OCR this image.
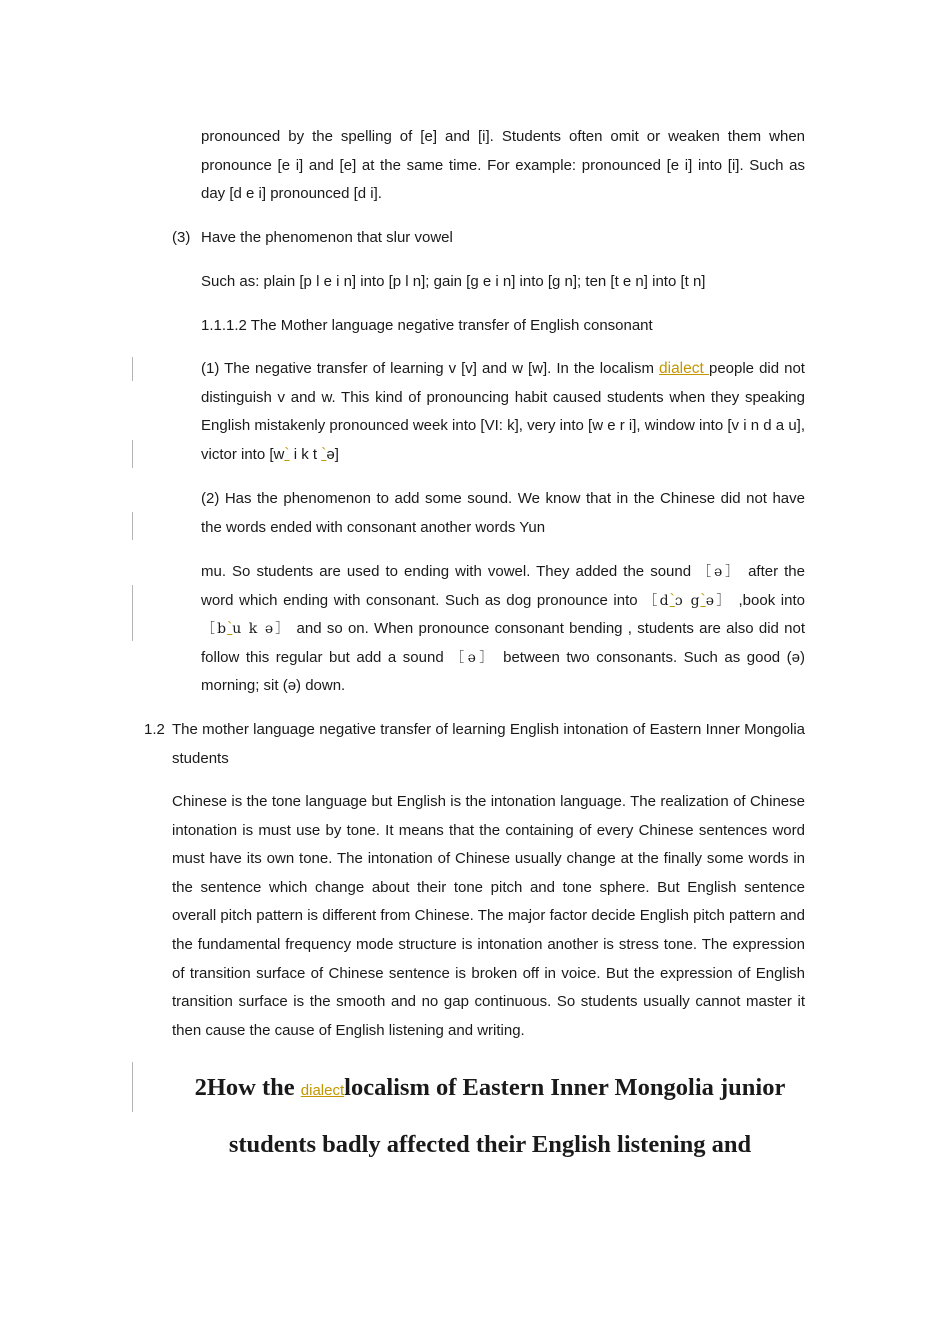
pronounced by the spelling of [e] and [i]. Students often omit or weaken them when pronounce [e i] and [e] at the same time. For example: pronounced [e i] into [i]. Such as day [d e i] pronounced [d i].
(3) Have the phenomenon that slur vowel
Such as: plain [p l e i n] into [p l n]; gain [g e i n] into [g n]; ten [t e n] into [t n]
1.1.1.2 The Mother language negative transfer of English consonant
(1) The negative transfer of learning v [v] and w [w]. In the localism dialect people did not distinguish v and w. This kind of pronouncing habit caused students when they speaking English mistakenly pronounced week into [VI: k], very into [w e r i], window into [v i n d a u], victor into [w` i k t `ə]
(2) Has the phenomenon to add some sound. We know that in the Chinese did not have the words ended with consonant another words Yun
mu. So students are used to ending with vowel. They added the sound ［ə］ after the word which ending with consonant. Such as dog pronounce into ［d`ɔ g`ə］ ,book into ［b`u k ə］ and so on. When pronounce consonant bending , students are also did not follow this regular but add a sound ［ə］ between two consonants. Such as good (ə) morning; sit (ə) down.
1.2 The mother language negative transfer of learning English intonation of Eastern Inner Mongolia students
Chinese is the tone language but English is the intonation language. The realization of Chinese intonation is must use by tone. It means that the containing of every Chinese sentences word must have its own tone. The intonation of Chinese usually change at the finally some words in the sentence which change about their tone pitch and tone sphere. But English sentence overall pitch pattern is different from Chinese. The major factor decide English pitch pattern and the fundamental frequency mode structure is intonation another is stress tone. The expression of transition surface of Chinese sentence is broken off in voice. But the expression of English transition surface is the smooth and no gap continuous. So students usually cannot master it then cause the cause of English listening and writing.
2How the dialectlocalism of Eastern Inner Mongolia junior
students badly affected their English listening and
